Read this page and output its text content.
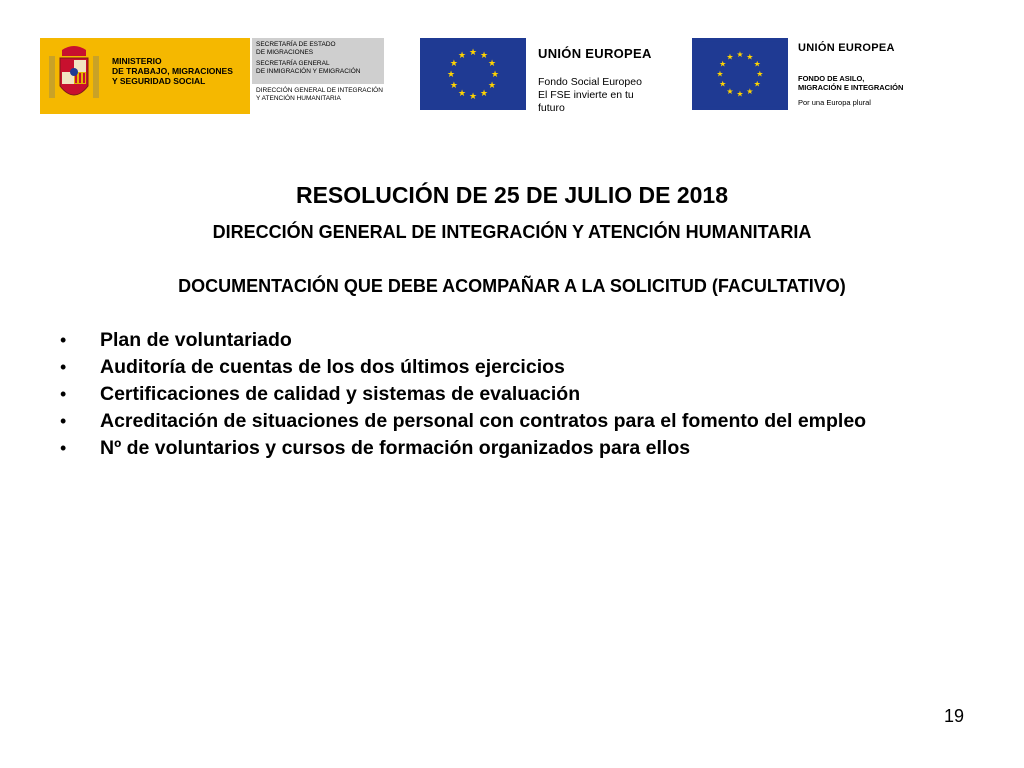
MINISTERIO
DE TRABAJO, MIGRACIONES
Y SEGURIDAD SOCIAL
SECRETARÍA DE ESTADO
DE MIGRACIONES
SECRETARÍA GENERAL
DE INMIGRACIÓN Y EMIGRACIÓN
DIRECCIÓN GENERAL DE INTEGRACIÓN
Y ATENCIÓN HUMANITARIA
★ ★
★
★
★
★
★
★
★
★
★
★	UNIÓN EUROPEA
Fondo Social Europeo
El FSE invierte en tu futuro
★ ★
★
★
★
★
★
★
★
★
★
★
UNIÓN EUROPEA
FONDO DE ASILO,
MIGRACIÓN E INTEGRACIÓN
Por una Europa plural
RESOLUCIÓN DE 25 DE JULIO DE 2018
DIRECCIÓN GENERAL DE INTEGRACIÓN Y ATENCIÓN HUMANITARIA
DOCUMENTACIÓN QUE DEBE ACOMPAÑAR A LA SOLICITUD (FACULTATIVO)
• Plan de voluntariado
• Auditoría de cuentas de los dos últimos ejercicios
• Certificaciones de calidad y sistemas de evaluación
• Acreditación de situaciones de personal con contratos para el fomento del empleo
• Nº de voluntarios y cursos de formación organizados para ellos
19
